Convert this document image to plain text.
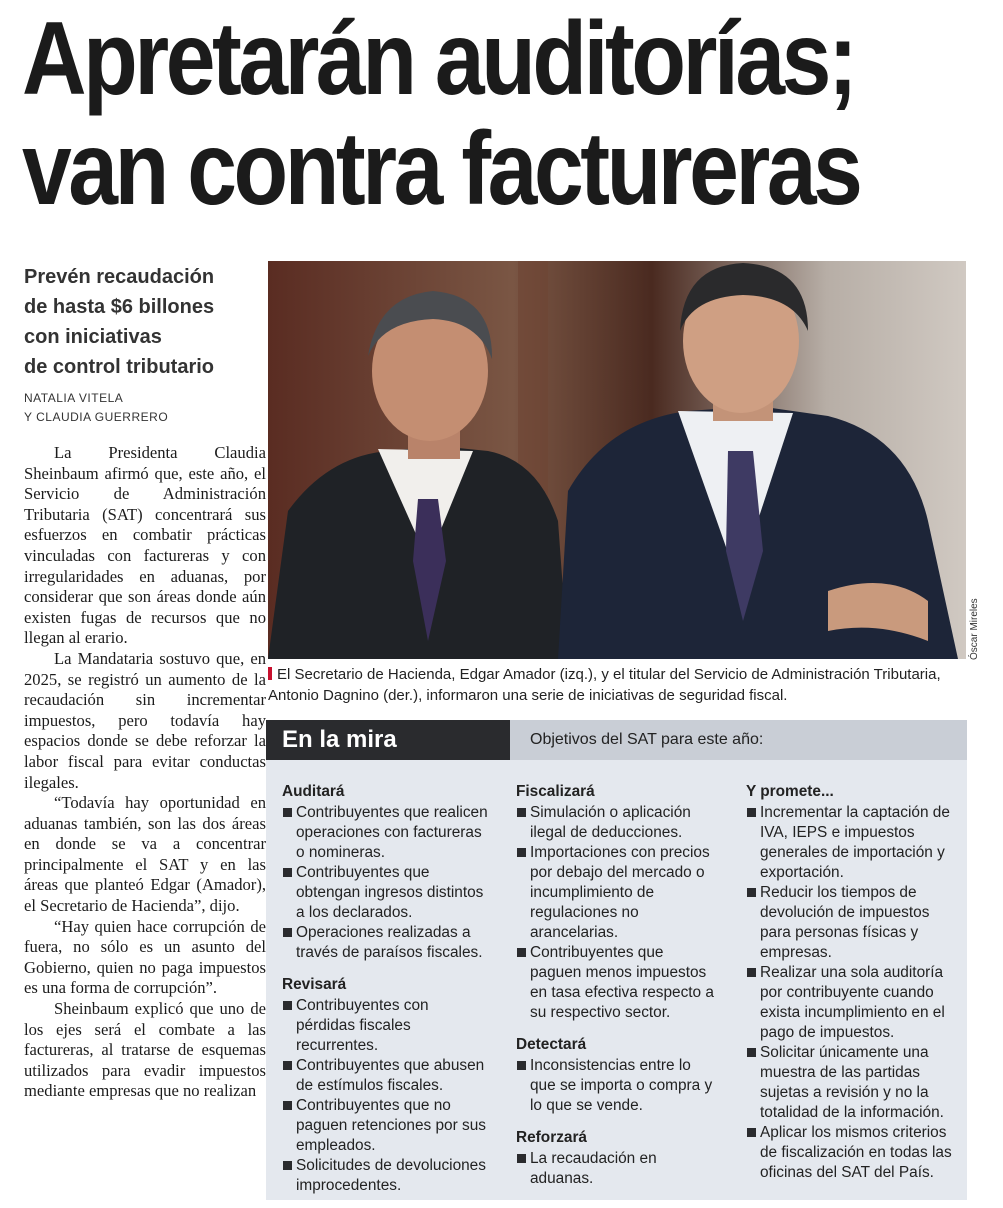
Apretarán auditorías;
van contra factureras
Prevén recaudación
de hasta $6 billones
con iniciativas
de control tributario
NATALIA VITELA
Y CLAUDIA GUERRERO

La Presidenta Claudia Sheinbaum afirmó que, este año, el Servicio de Administración Tributaria (SAT) concentrará sus esfuerzos en combatir prácticas vinculadas con factureras y con irregularidades en aduanas, por considerar que son áreas donde aún existen fugas de recursos que no llegan al erario.

La Mandataria sostuvo que, en 2025, se registró un aumento de la recaudación sin incrementar impuestos, pero todavía hay espacios donde se debe reforzar la labor fiscal para evitar conductas ilegales.

“Todavía hay oportunidad en aduanas también, son las dos áreas en donde se va a concentrar principalmente el SAT y en las áreas que planteó Edgar (Amador), el Secretario de Hacienda”, dijo.

“Hay quien hace corrupción de fuera, no sólo es un asunto del Gobierno, quien no paga impuestos es una forma de corrupción”.

Sheinbaum explicó que uno de los ejes será el combate a las factureras, al tratarse de esquemas utilizados para evadir impuestos mediante empresas que no realizan

Óscar Mireles
El Secretario de Hacienda, Edgar Amador (izq.), y el titular del Servicio de Administración Tributaria, Antonio Dagnino (der.), informaron una serie de iniciativas de seguridad fiscal.
En la mira	Objetivos del SAT para este año:
Auditará
Contribuyentes que realicen operaciones con factureras o nomineras.
Contribuyentes que obtengan ingresos distintos a los declarados.
Operaciones realizadas a través de paraísos fiscales.
Revisará
Contribuyentes con pérdidas fiscales recurrentes.
Contribuyentes que abusen de estímulos fiscales.
Contribuyentes que no paguen retenciones por sus empleados.
Solicitudes de devoluciones improcedentes.
Fiscalizará
Simulación o aplicación ilegal de deducciones.
Importaciones con precios por debajo del mercado o incumplimiento de regulaciones no arancelarias.
Contribuyentes que paguen menos impuestos en tasa efectiva respecto a su respectivo sector.
Detectará
Inconsistencias entre lo que se importa o compra y lo que se vende.
Reforzará
La recaudación en aduanas.
Y promete...
Incrementar la captación de IVA, IEPS e impuestos generales de importación y exportación.
Reducir los tiempos de devolución de impuestos para personas físicas y empresas.
Realizar una sola auditoría por contribuyente cuando exista incumplimiento en el pago de impuestos.
Solicitar únicamente una muestra de las partidas sujetas a revisión y no la totalidad de la información.
Aplicar los mismos criterios de fiscalización en todas las oficinas del SAT del País.
